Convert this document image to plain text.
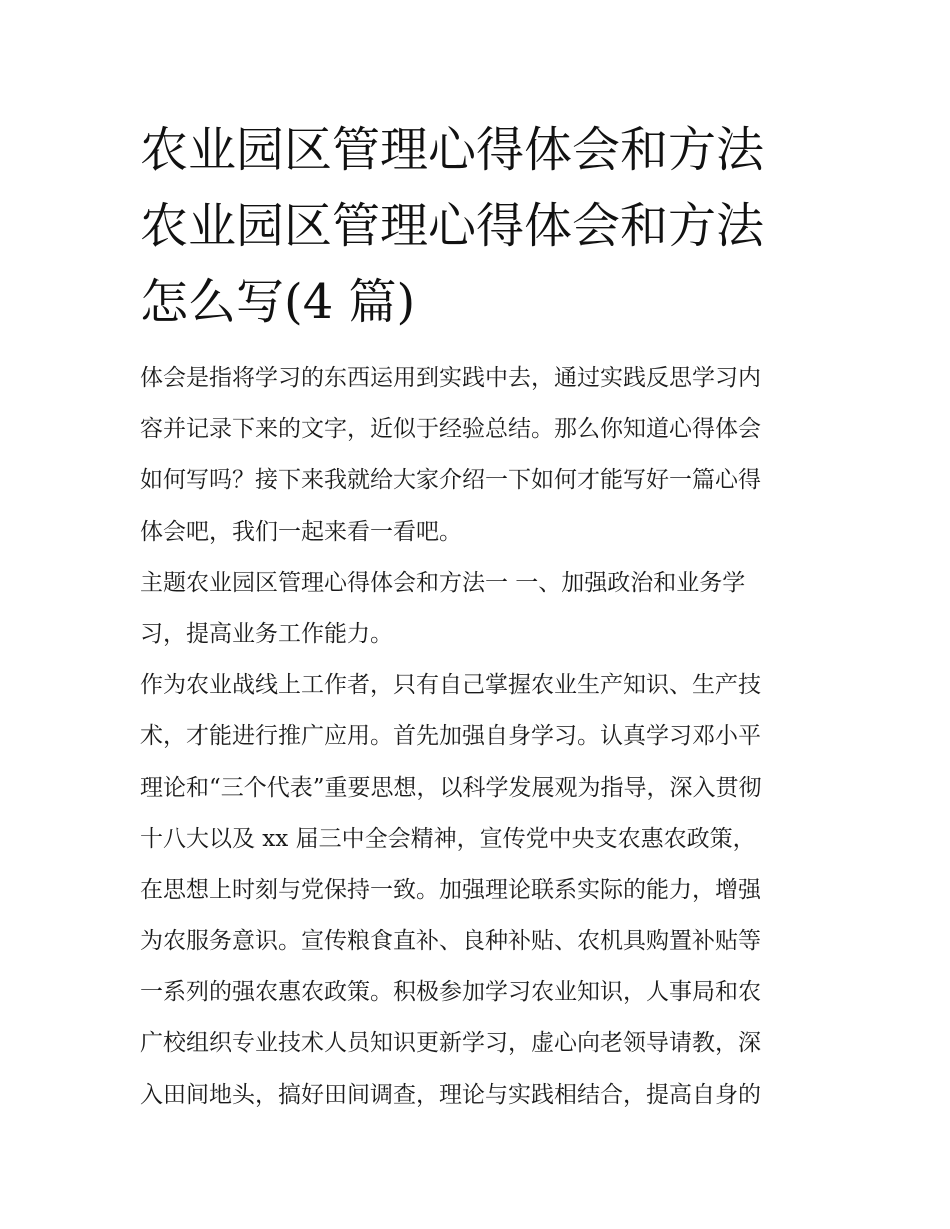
农业园区管理心得体会和方法
农业园区管理心得体会和方法
怎么写(4 篇)
体会是指将学习的东西运用到实践中去，通过实践反思学习内
容并记录下来的文字，近似于经验总结。那么你知道心得体会
如何写吗？接下来我就给大家介绍一下如何才能写好一篇心得
体会吧，我们一起来看一看吧。
主题农业园区管理心得体会和方法一 一、加强政治和业务学
习，提高业务工作能力。
作为农业战线上工作者，只有自己掌握农业生产知识、生产技
术，才能进行推广应用。首先加强自身学习。认真学习邓小平
理论和“三个代表”重要思想，以科学发展观为指导，深入贯彻
十八大以及 xx 届三中全会精神，宣传党中央支农惠农政策，
在思想上时刻与党保持一致。加强理论联系实际的能力，增强
为农服务意识。宣传粮食直补、良种补贴、农机具购置补贴等
一系列的强农惠农政策。积极参加学习农业知识，人事局和农
广校组织专业技术人员知识更新学习，虚心向老领导请教，深
入田间地头，搞好田间调查，理论与实践相结合，提高自身的
